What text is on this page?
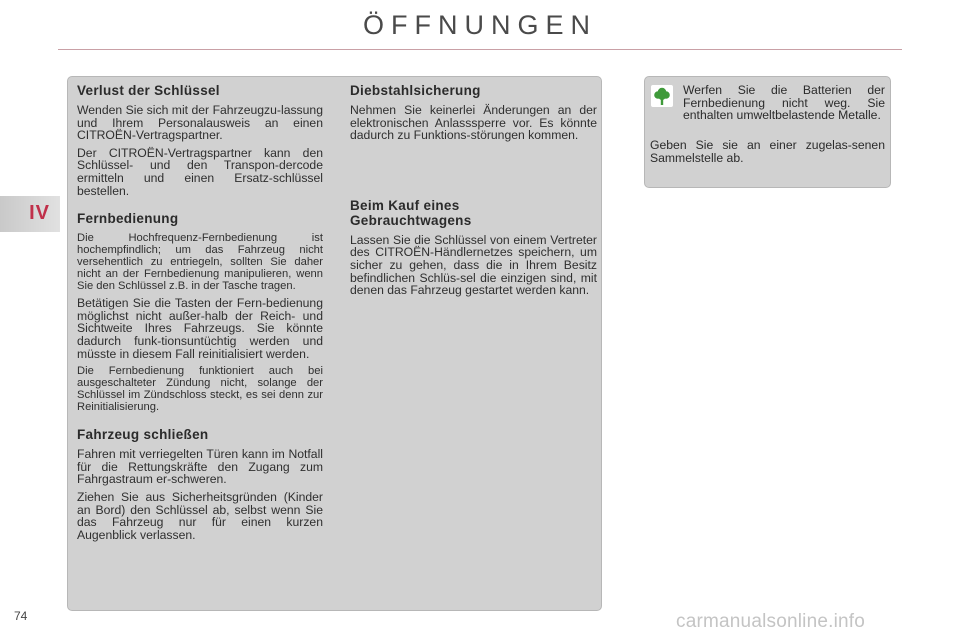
ÖFFNUNGEN
IV
Verlust der Schlüssel

Wenden Sie sich mit der Fahrzeugzu-lassung und Ihrem Personalausweis an einen CITROËN-Vertragspartner.

Der CITROËN-Vertragspartner kann den Schlüssel- und den Transpon-dercode ermitteln und einen Ersatz-schlüssel bestellen.

Fernbedienung

Die Hochfrequenz-Fernbedienung ist hochempfindlich; um das Fahrzeug nicht versehentlich zu entriegeln, sollten Sie daher nicht an der Fernbedienung manipulieren, wenn Sie den Schlüssel z.B. in der Tasche tragen.

Betätigen Sie die Tasten der Fern-bedienung möglichst nicht außer-halb der Reich- und Sichtweite Ihres Fahrzeugs. Sie könnte dadurch funk-tionsuntüchtig werden und müsste in diesem Fall reinitialisiert werden.

Die Fernbedienung funktioniert auch bei ausgeschalteter Zündung nicht, solange der Schlüssel im Zündschloss steckt, es sei denn zur Reinitialisierung.

Fahrzeug schließen

Fahren mit verriegelten Türen kann im Notfall für die Rettungskräfte den Zugang zum Fahrgastraum er-schweren.

Ziehen Sie aus Sicherheitsgründen (Kinder an Bord) den Schlüssel ab, selbst wenn Sie das Fahrzeug nur für einen kurzen Augenblick verlassen.

Diebstahlsicherung

Nehmen Sie keinerlei Änderungen an der elektronischen Anlasssperre vor. Es könnte dadurch zu Funktions-störungen kommen.

Beim Kauf eines
Gebrauchtwagens

Lassen Sie die Schlüssel von einem Vertreter des CITROËN-Händlernetzes speichern, um sicher zu gehen, dass die in Ihrem Besitz befindlichen Schlüs-sel die einzigen sind, mit denen das Fahrzeug gestartet werden kann.

Werfen Sie die Batterien der Fernbedienung nicht weg. Sie enthalten umweltbelastende Metalle.

Geben Sie sie an einer zugelas-senen Sammelstelle ab.

74	carmanualsonline.info
